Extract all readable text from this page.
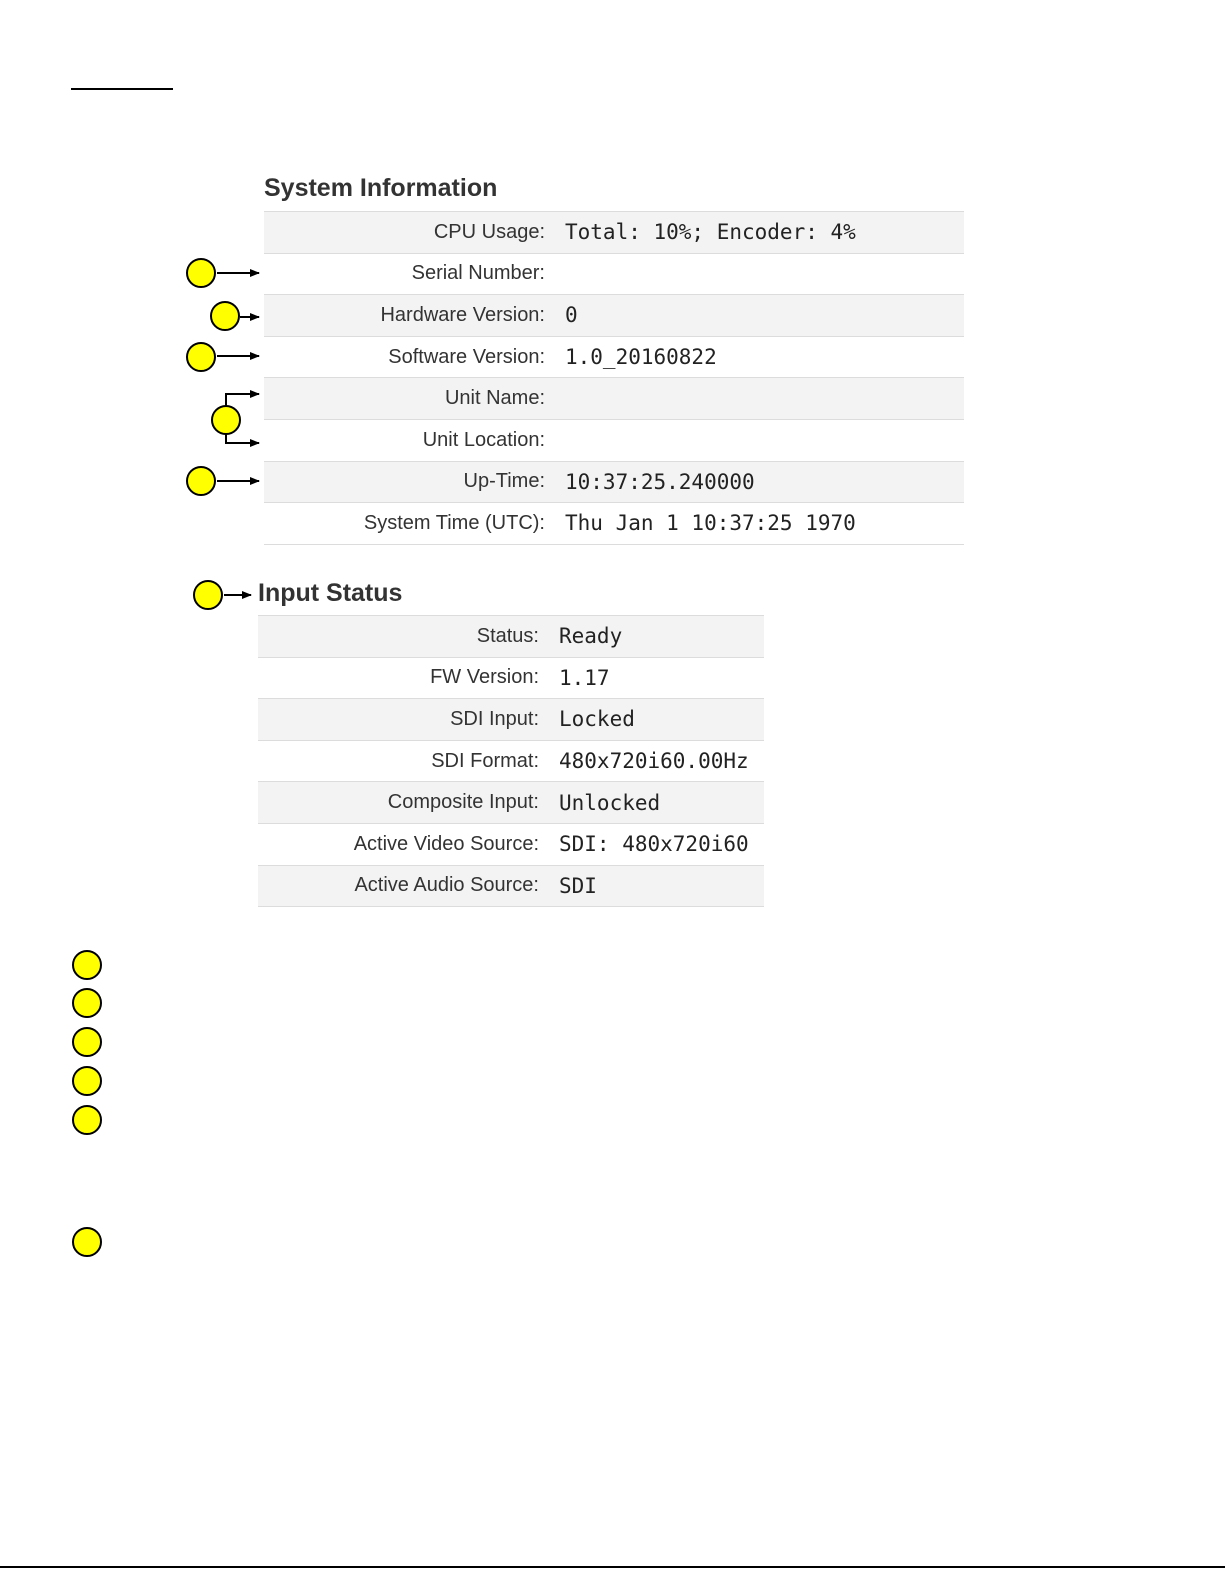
System Information
CPU Usage:	Total: 10%; Encoder: 4%
Serial Number:	
Hardware Version:	0
Software Version:	1.0_20160822
Unit Name:	
Unit Location:	
Up-Time:	10:37:25.240000
System Time (UTC):	Thu Jan 1 10:37:25 1970
Input Status
Status:	Ready
FW Version:	1.17
SDI Input:	Locked
SDI Format:	480x720i60.00Hz
Composite Input:	Unlocked
Active Video Source:	SDI: 480x720i60
Active Audio Source:	SDI
